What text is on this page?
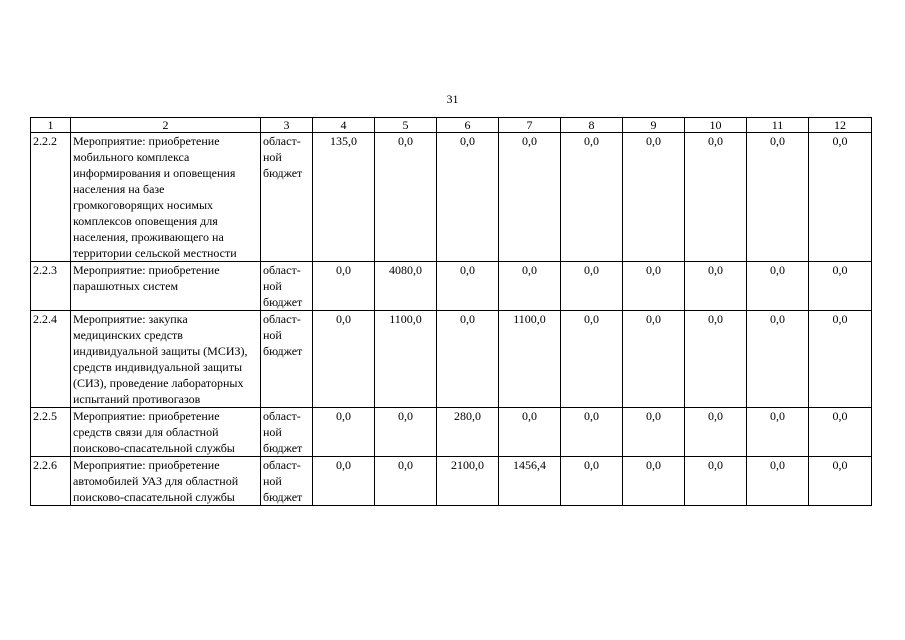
31
1	2	3	4	5	6	7	8	9	10	11	12
2.2.2	Мероприятие: приобретение мобильного комплекса информирования и оповещения населения на базе громкоговорящих носимых комплексов оповещения для населения, проживающего на территории сельской местности	област-ной бюджет	135,0	0,0	0,0	0,0	0,0	0,0	0,0	0,0	0,0
2.2.3	Мероприятие: приобретение парашютных систем	област-ной бюджет	0,0	4080,0	0,0	0,0	0,0	0,0	0,0	0,0	0,0
2.2.4	Мероприятие: закупка медицинских средств индивидуальной защиты (МСИЗ), средств индивидуальной защиты (СИЗ), проведение лабораторных испытаний противогазов	област-ной бюджет	0,0	1100,0	0,0	1100,0	0,0	0,0	0,0	0,0	0,0
2.2.5	Мероприятие: приобретение средств связи для областной поисково-спасательной службы	област-ной бюджет	0,0	0,0	280,0	0,0	0,0	0,0	0,0	0,0	0,0
2.2.6	Мероприятие: приобретение автомобилей УАЗ для областной поисково-спасательной службы	област-ной бюджет	0,0	0,0	2100,0	1456,4	0,0	0,0	0,0	0,0	0,0
